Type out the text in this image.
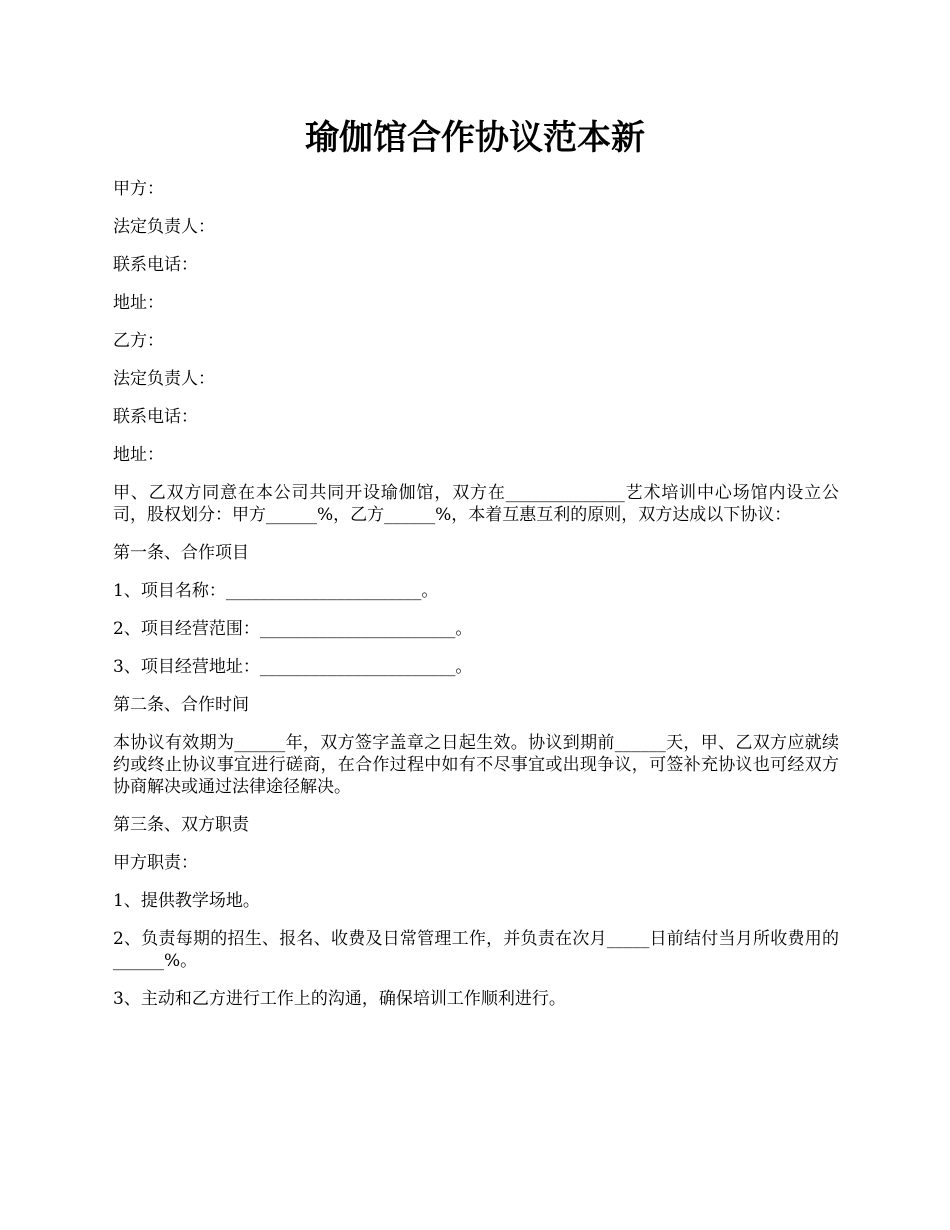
瑜伽馆合作协议范本新

甲方：

法定负责人：

联系电话：

地址：

乙方：

法定负责人：

联系电话：

地址：

甲、乙双方同意在本公司共同开设瑜伽馆，双方在______________艺术培训中心场馆内设立公司，股权划分：甲方______%，乙方______%，本着互惠互利的原则，双方达成以下协议：

第一条、合作项目

1、项目名称：_______________________。

2、项目经营范围：_______________________。

3、项目经营地址：_______________________。

第二条、合作时间

本协议有效期为______年，双方签字盖章之日起生效。协议到期前______天，甲、乙双方应就续约或终止协议事宜进行磋商，在合作过程中如有不尽事宜或出现争议，可签补充协议也可经双方协商解决或通过法律途径解决。

第三条、双方职责

甲方职责：

1、提供教学场地。

2、负责每期的招生、报名、收费及日常管理工作，并负责在次月_____日前结付当月所收费用的______%。

3、主动和乙方进行工作上的沟通，确保培训工作顺利进行。
